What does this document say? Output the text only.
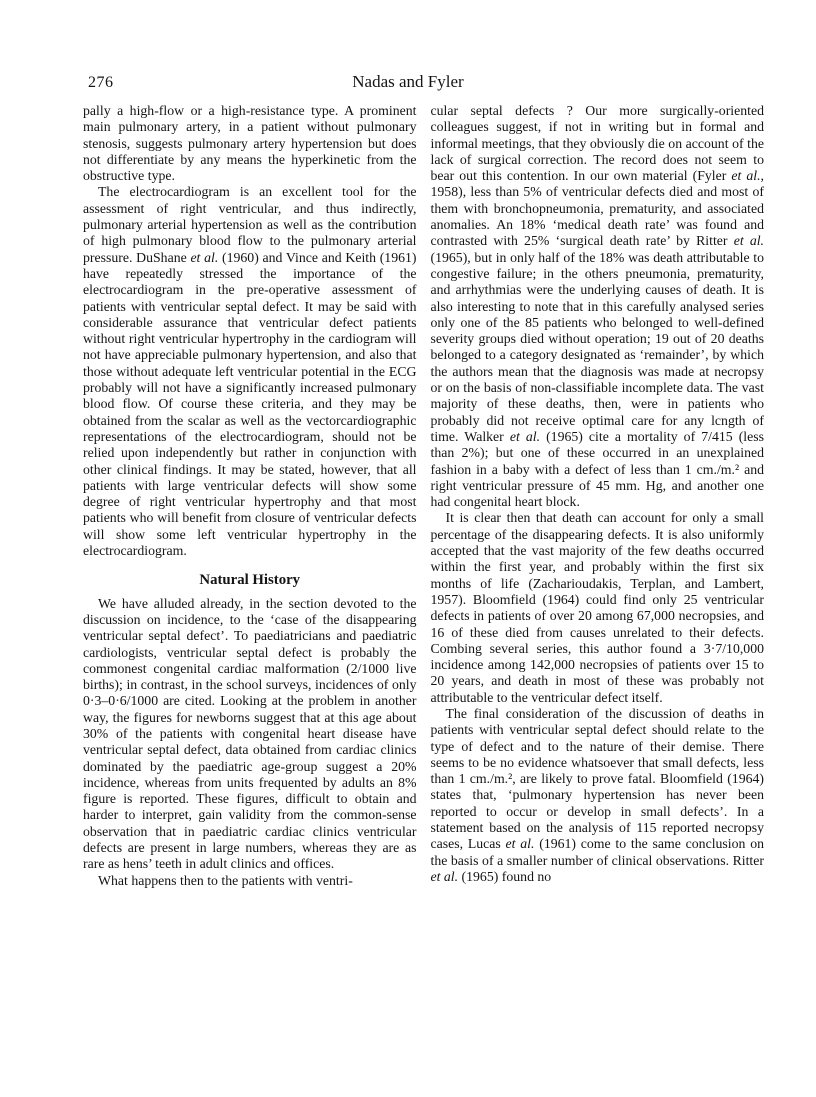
276	Nadas and Fyler

pally a high-flow or a high-resistance type. A prominent main pulmonary artery, in a patient without pulmonary stenosis, suggests pulmonary artery hypertension but does not differentiate by any means the hyperkinetic from the obstructive type.

The electrocardiogram is an excellent tool for the assessment of right ventricular, and thus indirectly, pulmonary arterial hypertension as well as the contribution of high pulmonary blood flow to the pulmonary arterial pressure. DuShane et al. (1960) and Vince and Keith (1961) have repeatedly stressed the importance of the electrocardiogram in the pre-operative assessment of patients with ventricular septal defect. It may be said with considerable assurance that ventricular defect patients without right ventricular hypertrophy in the cardiogram will not have appreciable pulmonary hypertension, and also that those without adequate left ventricular potential in the ECG probably will not have a significantly increased pulmonary blood flow. Of course these criteria, and they may be obtained from the scalar as well as the vectorcardiographic representations of the electrocardiogram, should not be relied upon independently but rather in conjunction with other clinical findings. It may be stated, however, that all patients with large ventricular defects will show some degree of right ventricular hypertrophy and that most patients who will benefit from closure of ventricular defects will show some left ventricular hypertrophy in the electrocardiogram.

Natural History

We have alluded already, in the section devoted to the discussion on incidence, to the ‘case of the disappearing ventricular septal defect’. To paediatricians and paediatric cardiologists, ventricular septal defect is probably the commonest congenital cardiac malformation (2/1000 live births); in contrast, in the school surveys, incidences of only 0·3–0·6/1000 are cited. Looking at the problem in another way, the figures for newborns suggest that at this age about 30% of the patients with congenital heart disease have ventricular septal defect, data obtained from cardiac clinics dominated by the paediatric age-group suggest a 20% incidence, whereas from units frequented by adults an 8% figure is reported. These figures, difficult to obtain and harder to interpret, gain validity from the common-sense observation that in paediatric cardiac clinics ventricular defects are present in large numbers, whereas they are as rare as hens’ teeth in adult clinics and offices.

What happens then to the patients with ventri-

cular septal defects ? Our more surgically-oriented colleagues suggest, if not in writing but in formal and informal meetings, that they obviously die on account of the lack of surgical correction. The record does not seem to bear out this contention. In our own material (Fyler et al., 1958), less than 5% of ventricular defects died and most of them with bronchopneumonia, prematurity, and associated anomalies. An 18% ‘medical death rate’ was found and contrasted with 25% ‘surgical death rate’ by Ritter et al. (1965), but in only half of the 18% was death attributable to congestive failure; in the others pneumonia, prematurity, and arrhythmias were the underlying causes of death. It is also interesting to note that in this carefully analysed series only one of the 85 patients who belonged to well-defined severity groups died without operation; 19 out of 20 deaths belonged to a category designated as ‘remainder’, by which the authors mean that the diagnosis was made at necropsy or on the basis of non-classifiable incomplete data. The vast majority of these deaths, then, were in patients who probably did not receive optimal care for any lcngth of time. Walker et al. (1965) cite a mortality of 7/415 (less than 2%); but one of these occurred in an unexplained fashion in a baby with a defect of less than 1 cm./m.² and right ventricular pressure of 45 mm. Hg, and another one had congenital heart block.

It is clear then that death can account for only a small percentage of the disappearing defects. It is also uniformly accepted that the vast majority of the few deaths occurred within the first year, and probably within the first six months of life (Zacharioudakis, Terplan, and Lambert, 1957). Bloomfield (1964) could find only 25 ventricular defects in patients of over 20 among 67,000 necropsies, and 16 of these died from causes unrelated to their defects. Combing several series, this author found a 3·7/10,000 incidence among 142,000 necropsies of patients over 15 to 20 years, and death in most of these was probably not attributable to the ventricular defect itself.

The final consideration of the discussion of deaths in patients with ventricular septal defect should relate to the type of defect and to the nature of their demise. There seems to be no evidence whatsoever that small defects, less than 1 cm./m.², are likely to prove fatal. Bloomfield (1964) states that, ‘pulmonary hypertension has never been reported to occur or develop in small defects’. In a statement based on the analysis of 115 reported necropsy cases, Lucas et al. (1961) come to the same conclusion on the basis of a smaller number of clinical observations. Ritter et al. (1965) found no
